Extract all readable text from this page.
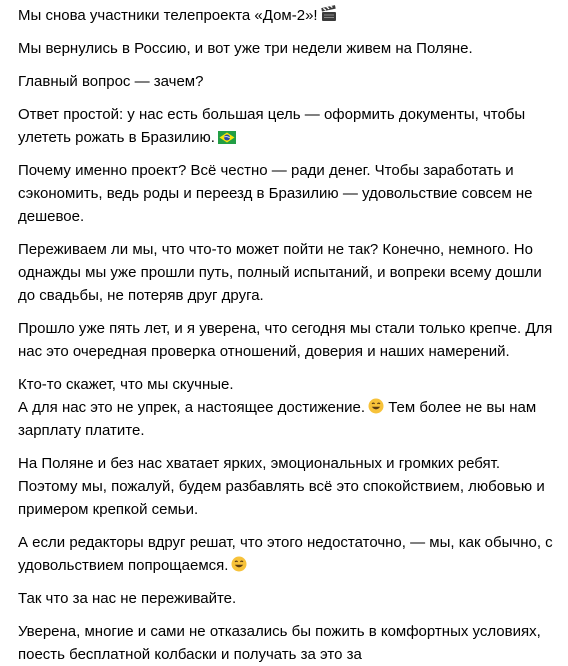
Мы снова участники телепроекта «Дом-2»!

Мы вернулись в Россию, и вот уже три недели живем на Поляне.

Главный вопрос — зачем?

Ответ простой: у нас есть большая цель — оформить документы, чтобы
улететь рожать в Бразилию.

Почему именно проект? Всё честно — ради денег. Чтобы заработать и
сэкономить, ведь роды и переезд в Бразилию — удовольствие совсем не
дешевое.

Переживаем ли мы, что что-то может пойти не так? Конечно, немного. Но
однажды мы уже прошли путь, полный испытаний, и вопреки всему дошли
до свадьбы, не потеряв друг друга.

Прошло уже пять лет, и я уверена, что сегодня мы стали только крепче. Для
нас это очередная проверка отношений, доверия и наших намерений.

Кто-то скажет, что мы скучные.
А для нас это не упрек, а настоящее достижение. Тем более не вы нам
зарплату платите.

На Поляне и без нас хватает ярких, эмоциональных и громких ребят.
Поэтому мы, пожалуй, будем разбавлять всё это спокойствием, любовью и
примером крепкой семьи.

А если редакторы вдруг решат, что этого недостаточно, — мы, как обычно, с
удовольствием попрощаемся.

Так что за нас не переживайте.

Уверена, многие и сами не отказались бы пожить в комфортных условиях,
поесть бесплатной колбаски и получать за это за
